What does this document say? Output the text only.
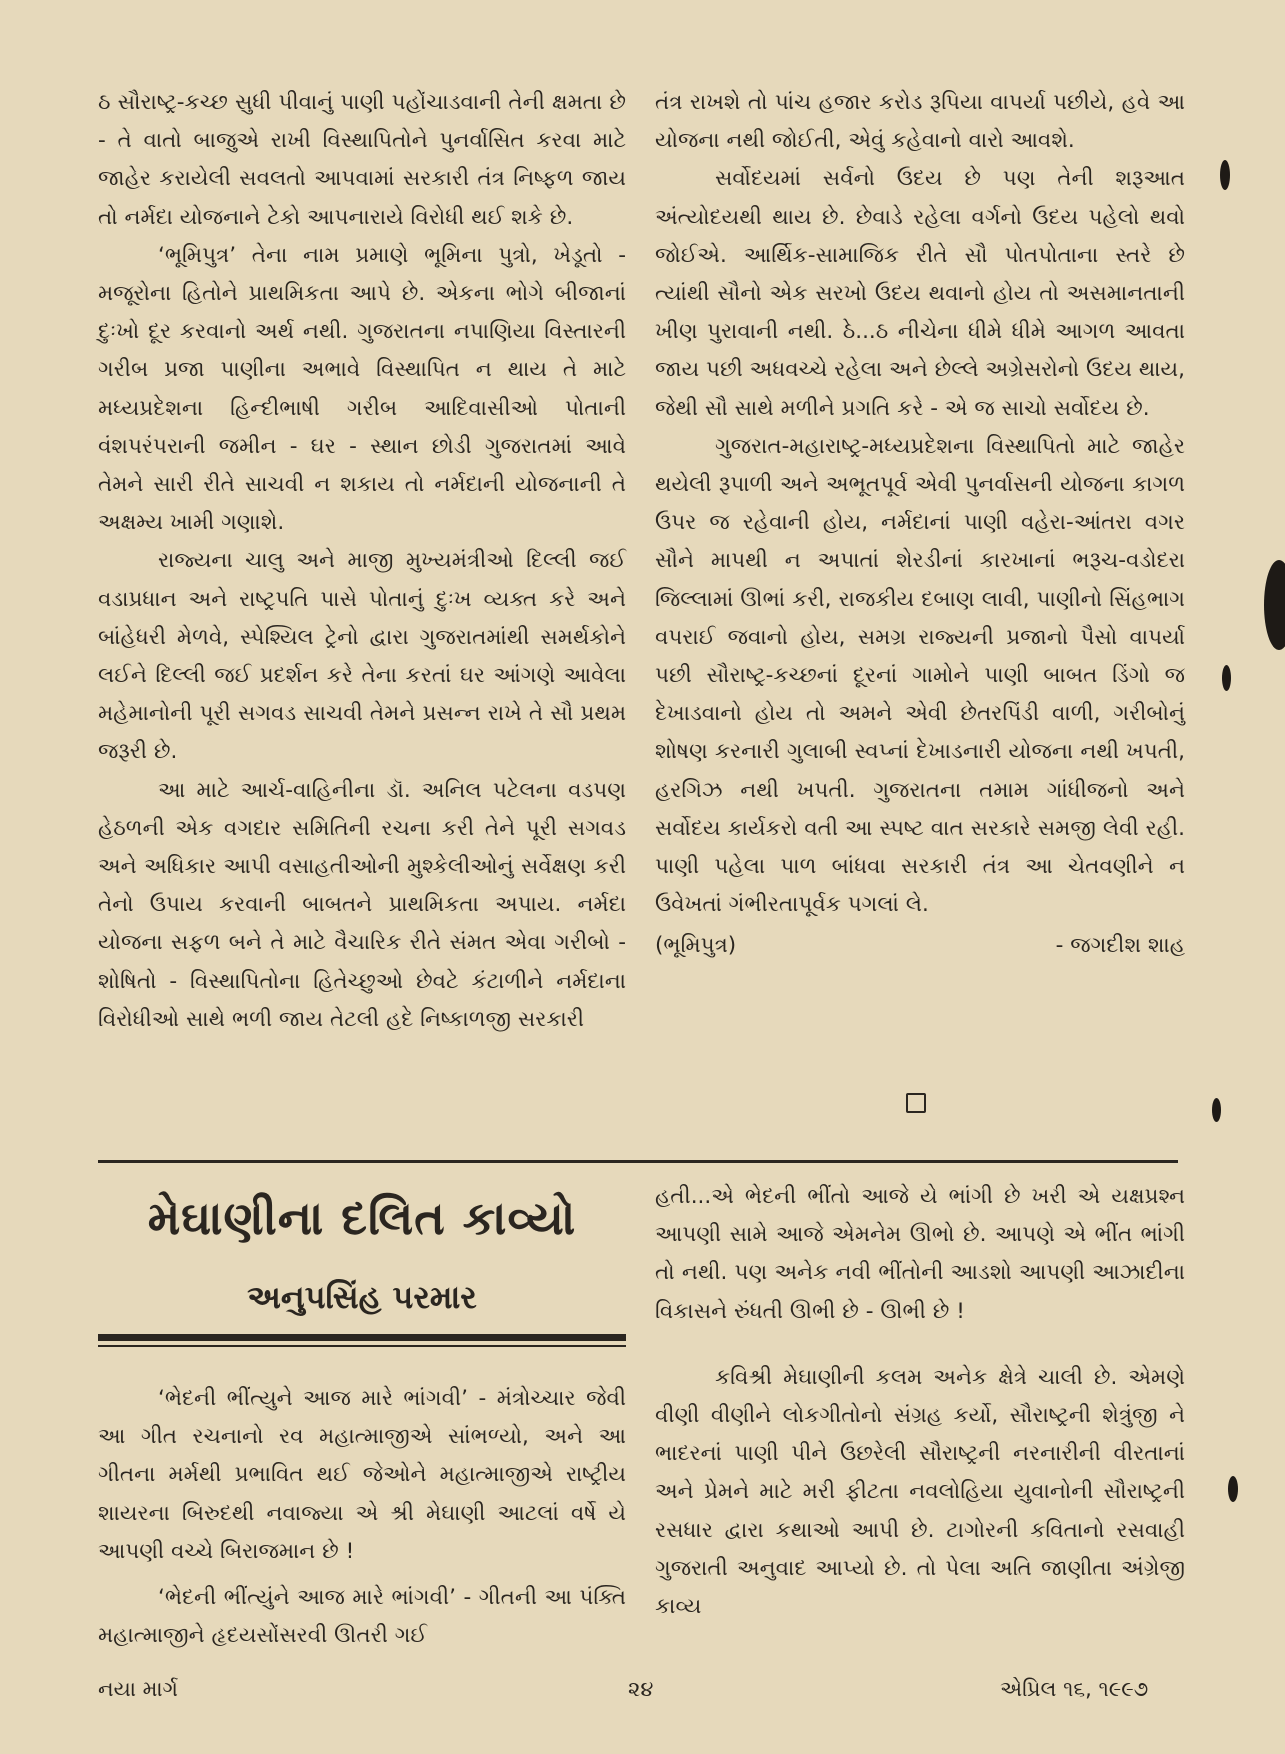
ઠ સૌરાષ્ટ્ર-કચ્છ સુધી પીવાનું પાણી પહોંચાડવાની તેની ક્ષમતા છે - તે વાતો બાજુએ રાખી વિસ્થાપિતોને પુનર્વાસિત કરવા માટે જાહેર કરાયેલી સવલતો આપવામાં સરકારી તંત્ર નિષ્ફળ જાય તો નર્મદા યોજનાને ટેકો આપનારાયે વિરોધી થઈ શકે છે.

‘ભૂમિપુત્ર’ તેના નામ પ્રમાણે ભૂમિના પુત્રો, ખેડૂતો - મજૂરોના હિતોને પ્રાથમિકતા આપે છે. એકના ભોગે બીજાનાં દુઃખો દૂર કરવાનો અર્થ નથી. ગુજરાતના નપાણિયા વિસ્તારની ગરીબ પ્રજા પાણીના અભાવે વિસ્થાપિત ન થાય તે માટે મધ્યપ્રદેશના હિન્દીભાષી ગરીબ આદિવાસીઓ પોતાની વંશપરંપરાની જમીન - ઘર - સ્થાન છોડી ગુજરાતમાં આવે તેમને સારી રીતે સાચવી ન શકાય તો નર્મદાની યોજનાની તે અક્ષમ્ય ખામી ગણાશે.

રાજ્યના ચાલુ અને માજી મુખ્યમંત્રીઓ દિલ્લી જઈ વડાપ્રધાન અને રાષ્ટ્રપતિ પાસે પોતાનું દુઃખ વ્યક્ત કરે અને બાંહેધરી મેળવે, સ્પેશ્યિલ ટ્રેનો દ્વારા ગુજરાતમાંથી સમર્થકોને લઈને દિલ્લી જઈ પ્રદર્શન કરે તેના કરતાં ઘર આંગણે આવેલા મહેમાનોની પૂરી સગવડ સાચવી તેમને પ્રસન્ન રાખે તે સૌ પ્રથમ જરૂરી છે.

આ માટે આર્ચ-વાહિનીના ડૉ. અનિલ પટેલના વડપણ હેઠળની એક વગદાર સમિતિની રચના કરી તેને પૂરી સગવડ અને અધિકાર આપી વસાહતીઓની મુશ્કેલીઓનું સર્વેક્ષણ કરી તેનો ઉપાય કરવાની બાબતને પ્રાથમિકતા અપાય. નર્મદા યોજના સફળ બને તે માટે વૈચારિક રીતે સંમત એવા ગરીબો - શોષિતો - વિસ્થાપિતોના હિતેચ્છુઓ છેવટે કંટાળીને નર્મદાના વિરોધીઓ સાથે ભળી જાય તેટલી હદે નિષ્કાળજી સરકારી

તંત્ર રાખશે તો પાંચ હજાર કરોડ રૂપિયા વાપર્યા પછીયે, હવે આ યોજના નથી જોઈતી, એવું કહેવાનો વારો આવશે.

સર્વોદયમાં સર્વનો ઉદય છે પણ તેની શરૂઆત અંત્યોદયથી થાય છે. છેવાડે રહેલા વર્ગનો ઉદય પહેલો થવો જોઈએ. આર્થિક-સામાજિક રીતે સૌ પોતપોતાના સ્તરે છે ત્યાંથી સૌનો એક સરખો ઉદય થવાનો હોય તો અસમાનતાની ખીણ પુરાવાની નથી. ઠે...ઠ નીચેના ધીમે ધીમે આગળ આવતા જાય પછી અધવચ્ચે રહેલા અને છેલ્લે અગ્રેસરોનો ઉદય થાય, જેથી સૌ સાથે મળીને પ્રગતિ કરે - એ જ સાચો સર્વોદય છે.

ગુજરાત-મહારાષ્ટ્ર-મધ્યપ્રદેશના વિસ્થાપિતો માટે જાહેર થયેલી રૂપાળી અને અભૂતપૂર્વ એવી પુનર્વાસની યોજના કાગળ ઉપર જ રહેવાની હોય, નર્મદાનાં પાણી વહેરા-આંતરા વગર સૌને માપથી ન અપાતાં શેરડીનાં કારખાનાં ભરૂચ-વડોદરા જિલ્લામાં ઊભાં કરી, રાજકીય દબાણ લાવી, પાણીનો સિંહભાગ વપરાઈ જવાનો હોય, સમગ્ર રાજ્યની પ્રજાનો પૈસો વાપર્યા પછી સૌરાષ્ટ્ર-કચ્છનાં દૂરનાં ગામોને પાણી બાબત ડિંગો જ દેખાડવાનો હોય તો અમને એવી છેતરપિંડી વાળી, ગરીબોનું શોષણ કરનારી ગુલાબી સ્વપ્નાં દેખાડનારી યોજના નથી ખપતી, હરગિઝ નથી ખપતી. ગુજરાતના તમામ ગાંધીજનો અને સર્વોદય કાર્યકરો વતી આ સ્પષ્ટ વાત સરકારે સમજી લેવી રહી. પાણી પહેલા પાળ બાંધવા સરકારી તંત્ર આ ચેતવણીને ન ઉવેખતાં ગંભીરતાપૂર્વક પગલાં લે.

(ભૂમિપુત્ર)	- જગદીશ શાહ
મેઘાણીના દલિત કાવ્યો
અનુપસિંહ પરમાર

‘ભેદની ભીંત્યુને આજ મારે ભાંગવી’ - મંત્રોચ્ચાર જેવી આ ગીત રચનાનો રવ મહાત્માજીએ સાંભળ્યો, અને આ ગીતના મર્મથી પ્રભાવિત થઈ જેઓને મહાત્માજીએ રાષ્ટ્રીય શાયરના બિરુદથી નવાજ્યા એ શ્રી મેઘાણી આટલાં વર્ષે યે આપણી વચ્ચે બિરાજમાન છે !

‘ભેદની ભીંત્યુંને આજ મારે ભાંગવી’ - ગીતની આ પંક્તિ મહાત્માજીને હૃદયસોંસરવી ઊતરી ગઈ

હતી...એ ભેદની ભીંતો આજે યે ભાંગી છે ખરી એ યક્ષપ્રશ્ન આપણી સામે આજે એમનેમ ઊભો છે. આપણે એ ભીંત ભાંગી તો નથી. પણ અનેક નવી ભીંતોની આડશો આપણી આઝાદીના વિકાસને રુંધતી ઊભી છે - ઊભી છે !

કવિશ્રી મેઘાણીની કલમ અનેક ક્ષેત્રે ચાલી છે. એમણે વીણી વીણીને લોકગીતોનો સંગ્રહ કર્યો, સૌરાષ્ટ્રની શેત્રુંજી ને ભાદરનાં પાણી પીને ઉછરેલી સૌરાષ્ટ્રની નરનારીની વીરતાનાં અને પ્રેમને માટે મરી ફીટતા નવલોહિયા યુવાનોની સૌરાષ્ટ્રની રસધાર દ્વારા કથાઓ આપી છે. ટાગોરની કવિતાનો રસવાહી ગુજરાતી અનુવાદ આપ્યો છે. તો પેલા અતિ જાણીતા અંગ્રેજી કાવ્ય

નયા માર્ગ	૨૪	એપ્રિલ ૧૬, ૧૯૯૭
